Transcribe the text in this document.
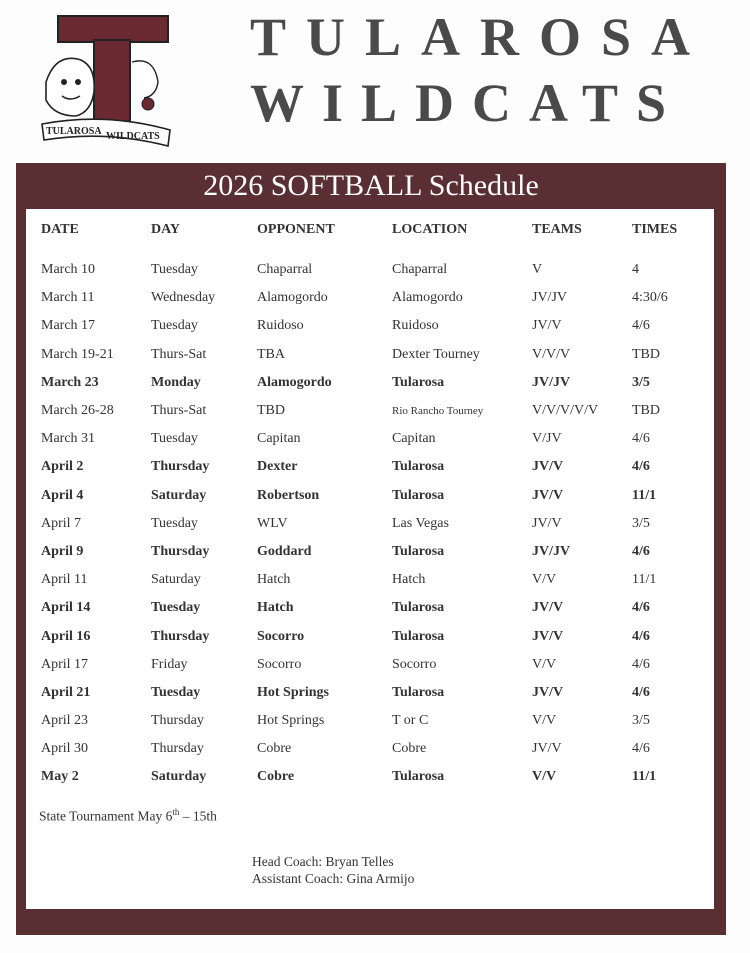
TULAROSA WILDCATS
T	TULAROSA
WILDCATS
2026 SOFTBALL Schedule
DATE	DAY	OPPONENT	LOCATION	TEAMS	TIMES

March 10	Tuesday	Chaparral	Chaparral	V	4
March 11	Wednesday	Alamogordo	Alamogordo	JV/JV	4:30/6
March 17	Tuesday	Ruidoso	Ruidoso	JV/V	4/6
March 19-21	Thurs-Sat	TBA	Dexter Tourney	V/V/V	TBD
March 23	Monday	Alamogordo	Tularosa	JV/JV	3/5
March 26-28	Thurs-Sat	TBD	Rio Rancho Tourney	V/V/V/V/V	TBD
March 31	Tuesday	Capitan	Capitan	V/JV	4/6
April 2	Thursday	Dexter	Tularosa	JV/V	4/6
April 4	Saturday	Robertson	Tularosa	JV/V	11/1
April 7	Tuesday	WLV	Las Vegas	JV/V	3/5
April 9	Thursday	Goddard	Tularosa	JV/JV	4/6
April 11	Saturday	Hatch	Hatch	V/V	11/1
April 14	Tuesday	Hatch	Tularosa	JV/V	4/6
April 16	Thursday	Socorro	Tularosa	JV/V	4/6
April 17	Friday	Socorro	Socorro	V/V	4/6
April 21	Tuesday	Hot Springs	Tularosa	JV/V	4/6
April 23	Thursday	Hot Springs	T or C	V/V	3/5
April 30	Thursday	Cobre	Cobre	JV/V	4/6
May 2	Saturday	Cobre	Tularosa	V/V	11/1
State Tournament May 6th – 15th
Head Coach: Bryan Telles
Assistant Coach: Gina Armijo
